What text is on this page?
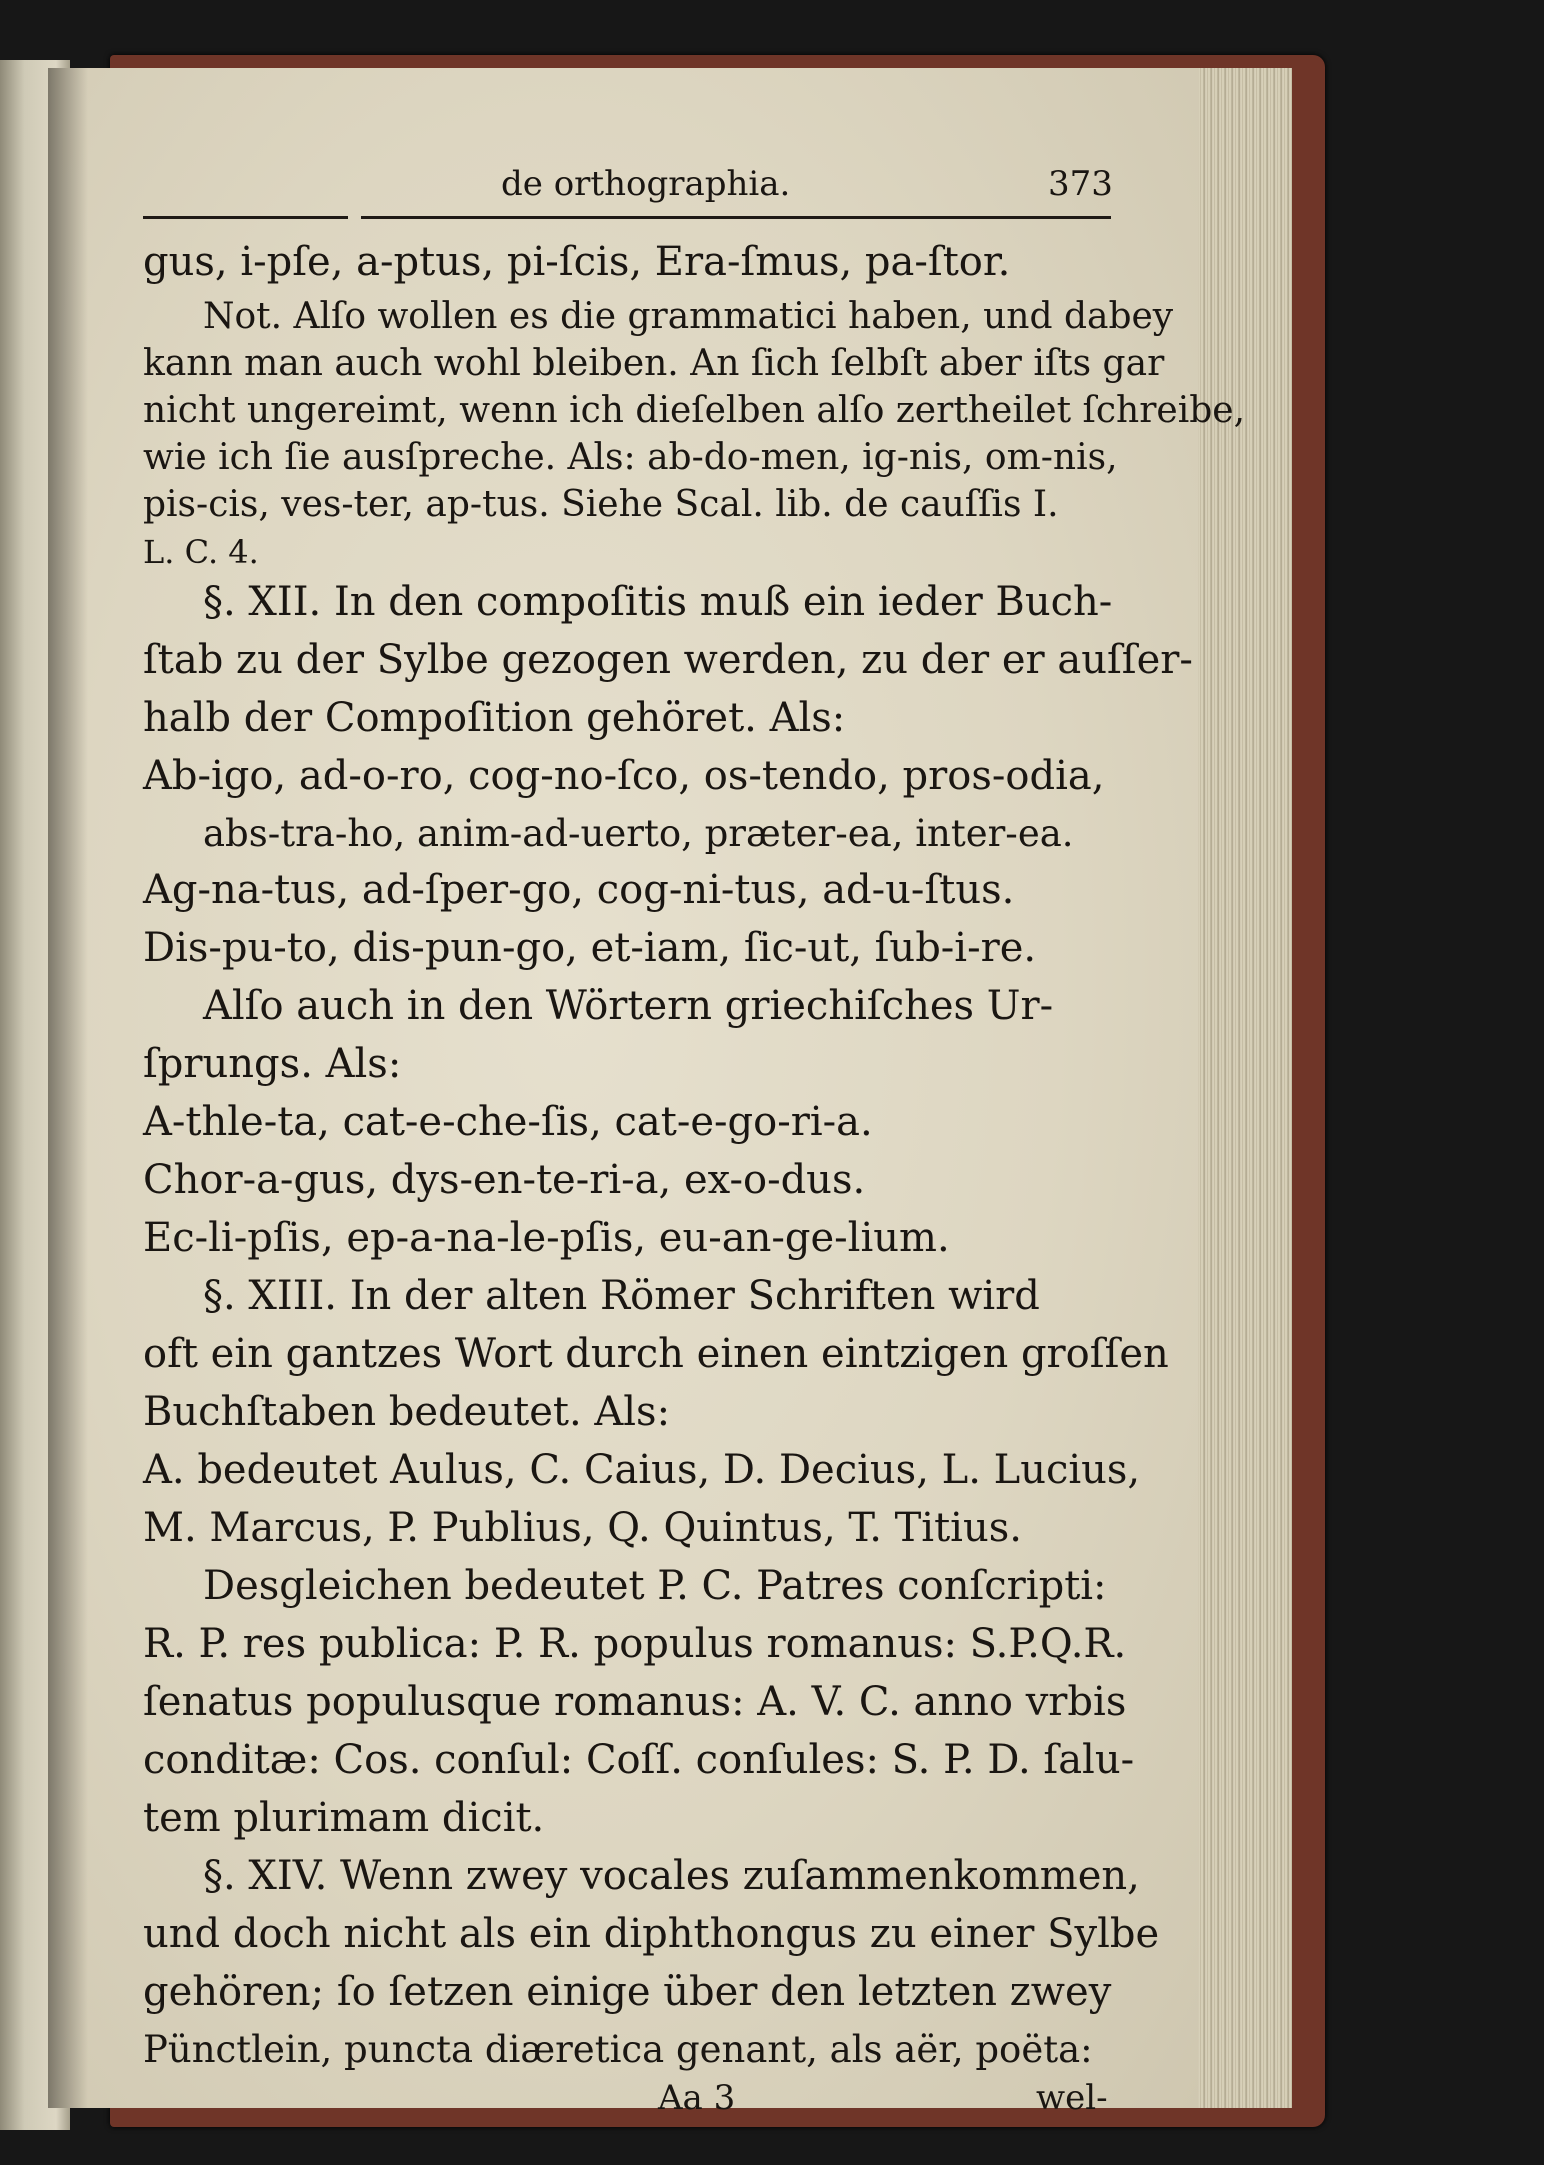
de orthographia.	373
gus, i-pſe, a-ptus, pi-ſcis, Era-ſmus, pa-ſtor.
Not. Alſo wollen es die grammatici haben, und dabey
kann man auch wohl bleiben. An ſich ſelbſt aber iſts gar
nicht ungereimt, wenn ich dieſelben alſo zertheilet ſchreibe,
wie ich ſie ausſpreche. Als: ab-do-men, ig-nis, om-nis,
pis-cis, ves-ter, ap-tus. Siehe Scal. lib. de cauſſis I.
L. C. 4.
§. XII. In den compoſitis muß ein ieder Buch-
ſtab zu der Sylbe gezogen werden, zu der er auſſer-
halb der Compoſition gehöret. Als:
Ab-igo, ad-o-ro, cog-no-ſco, os-tendo, pros-odia,
abs-tra-ho, anim-ad-uerto, præter-ea, inter-ea.
Ag-na-tus, ad-ſper-go, cog-ni-tus, ad-u-ſtus.
Dis-pu-to, dis-pun-go, et-iam, ſic-ut, ſub-i-re.
Alſo auch in den Wörtern griechiſches Ur-
ſprungs. Als:
A-thle-ta, cat-e-che-ſis, cat-e-go-ri-a.
Chor-a-gus, dys-en-te-ri-a, ex-o-dus.
Ec-li-pſis, ep-a-na-le-pſis, eu-an-ge-lium.
§. XIII. In der alten Römer Schriften wird
oft ein gantzes Wort durch einen eintzigen groſſen
Buchſtaben bedeutet. Als:
A. bedeutet Aulus, C. Caius, D. Decius, L. Lucius,
M. Marcus, P. Publius, Q. Quintus, T. Titius.
Desgleichen bedeutet P. C. Patres conſcripti:
R. P. res publica: P. R. populus romanus: S.P.Q.R.
ſenatus populusque romanus: A. V. C. anno vrbis
conditæ: Cos. conſul: Coſſ. conſules: S. P. D. ſalu-
tem plurimam dicit.
§. XIV. Wenn zwey vocales zuſammenkommen,
und doch nicht als ein diphthongus zu einer Sylbe
gehören; ſo ſetzen einige über den letzten zwey
Pünctlein, puncta diæretica genant, als aër, poëta:
Aa 3	wel-
